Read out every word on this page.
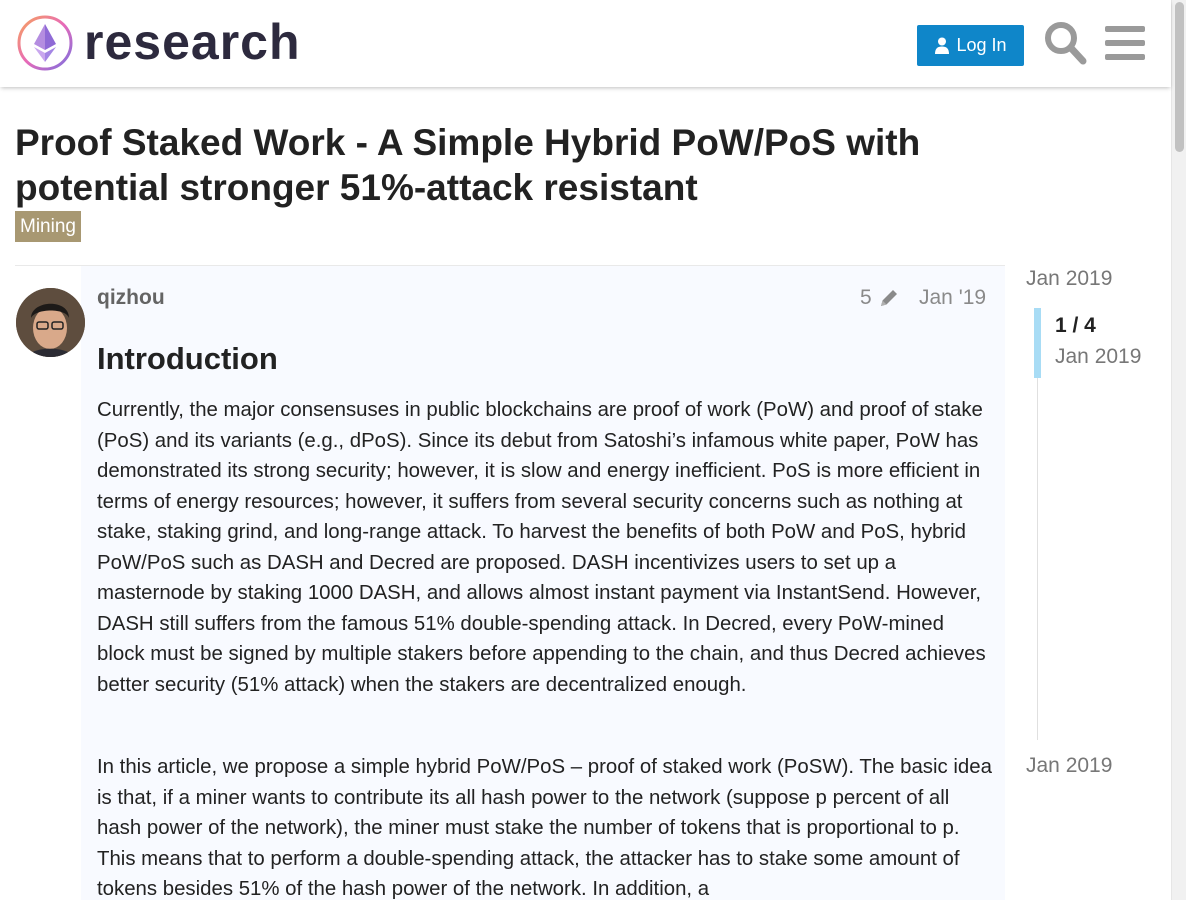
research	Log In
Proof Staked Work - A Simple Hybrid PoW/PoS with potential stronger 51%-attack resistant
Mining
qizhou	5 Jan '19
Introduction

Currently, the major consensuses in public blockchains are proof of work (PoW) and proof of stake (PoS) and its variants (e.g., dPoS). Since its debut from Satoshi’s infamous white paper, PoW has demonstrated its strong security; however, it is slow and energy inefficient. PoS is more efficient in terms of energy resources; however, it suffers from several security concerns such as nothing at stake, staking grind, and long-range attack. To harvest the benefits of both PoW and PoS, hybrid PoW/PoS such as DASH and Decred are proposed. DASH incentivizes users to set up a masternode by staking 1000 DASH, and allows almost instant payment via InstantSend. However, DASH still suffers from the famous 51% double-spending attack. In Decred, every PoW-mined block must be signed by multiple stakers before appending to the chain, and thus Decred achieves better security (51% attack) when the stakers are decentralized enough.

In this article, we propose a simple hybrid PoW/PoS – proof of staked work (PoSW). The basic idea is that, if a miner wants to contribute its all hash power to the network (suppose p percent of all hash power of the network), the miner must stake the number of tokens that is proportional to p. This means that to perform a double-spending attack, the attacker has to stake some amount of tokens besides 51% of the hash power of the network. In addition, a

Jan 2019
1 / 4
Jan 2019
Jan 2019
